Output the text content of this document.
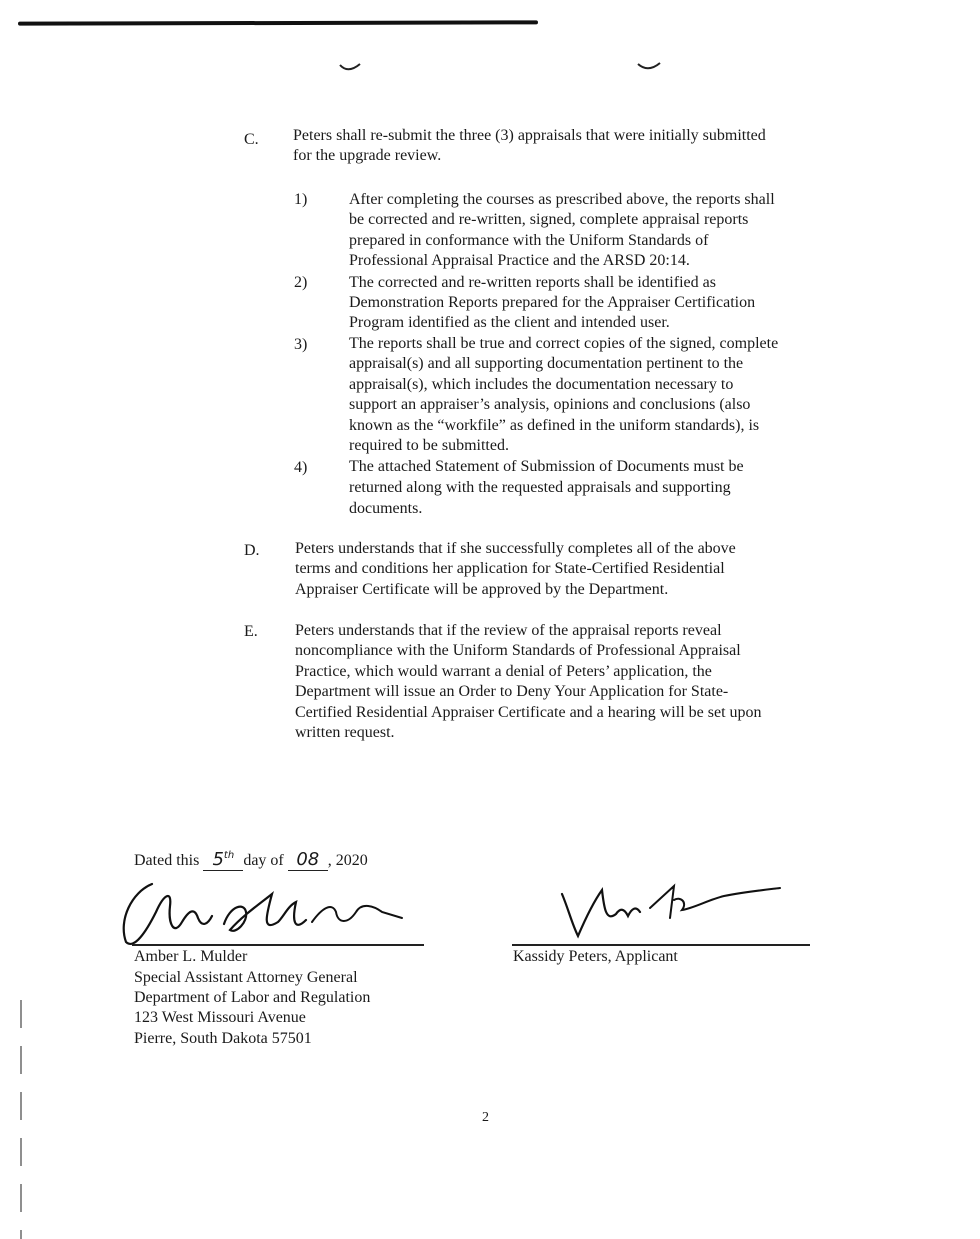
C. Peters shall re-submit the three (3) appraisals that were initially submitted
for the upgrade review.
1)	After completing the courses as prescribed above, the reports shall
be corrected and re-written, signed, complete appraisal reports
prepared in conformance with the Uniform Standards of
Professional Appraisal Practice and the ARSD 20:14.
2)	The corrected and re-written reports shall be identified as
Demonstration Reports prepared for the Appraiser Certification
Program identified as the client and intended user.
3)	The reports shall be true and correct copies of the signed, complete
appraisal(s) and all supporting documentation pertinent to the
appraisal(s), which includes the documentation necessary to
support an appraiser’s analysis, opinions and conclusions (also
known as the “workfile” as defined in the uniform standards), is
required to be submitted.
4)	The attached Statement of Submission of Documents must be
returned along with the requested appraisals and supporting
documents.
D. Peters understands that if she successfully completes all of the above
terms and conditions her application for State-Certified Residential
Appraiser Certificate will be approved by the Department.
E. Peters understands that if the review of the appraisal reports reveal
noncompliance with the Uniform Standards of Professional Appraisal
Practice, which would warrant a denial of Peters’ application, the
Department will issue an Order to Deny Your Application for State-
Certified Residential Appraiser Certificate and a hearing will be set upon
written request.
Dated this 5th day of 08 , 2020
Amber L. Mulder
Special Assistant Attorney General
Department of Labor and Regulation
123 West Missouri Avenue
Pierre, South Dakota 57501
Kassidy Peters, Applicant
2
